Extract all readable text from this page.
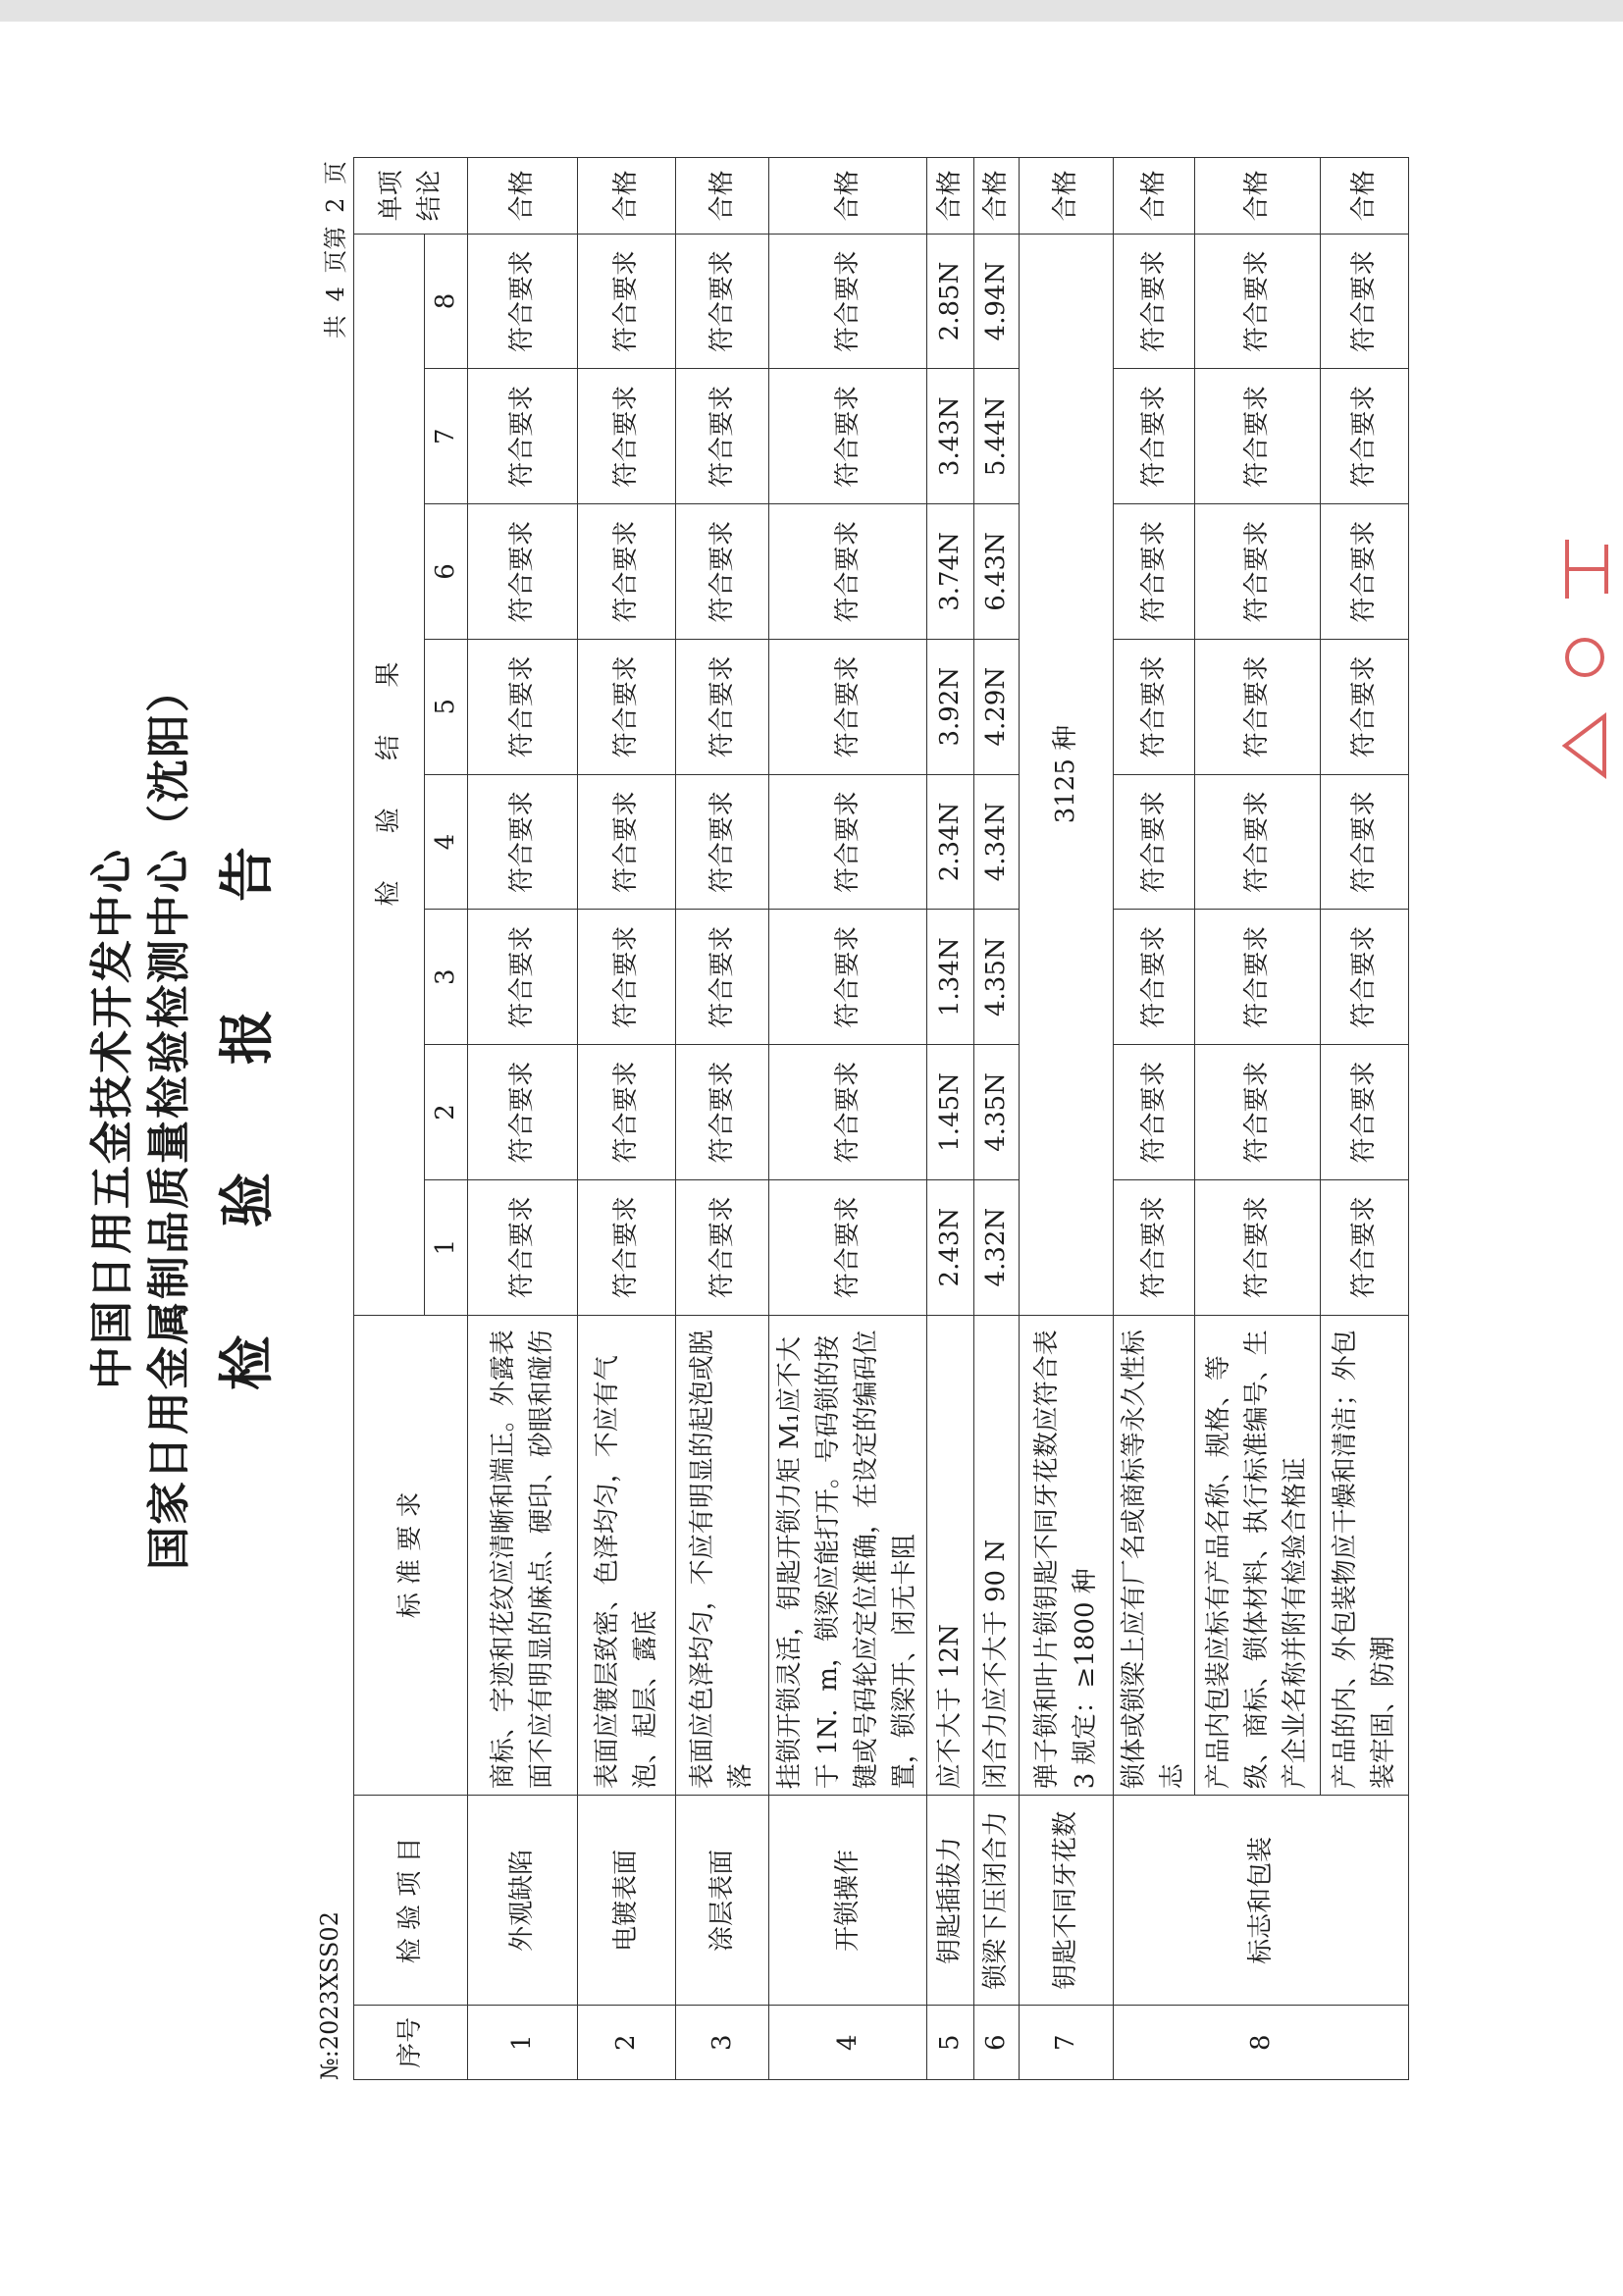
中国日用五金技术开发中心 国家日用金属制品质量检验检测中心（沈阳） 检验报告
№:2023XSS02
共 4 页第 2 页
序号	检 验 项 目	标 准 要 求	检 验 结 果								单项结论
			1	2	3	4	5	6	7	8	
1	外观缺陷	商标、字迹和花纹应清晰和端正。外露表面不应有明显的麻点、硬印、砂眼和碰伤	符合要求	符合要求	符合要求	符合要求	符合要求	符合要求	符合要求	符合要求	合格
2	电镀表面	表面应镀层致密、色泽均匀，不应有气泡、起层、露底	符合要求	符合要求	符合要求	符合要求	符合要求	符合要求	符合要求	符合要求	合格
3	涂层表面	表面应色泽均匀，不应有明显的起泡或脱落	符合要求	符合要求	符合要求	符合要求	符合要求	符合要求	符合要求	符合要求	合格
4	开锁操作	挂锁开锁灵活，钥匙开锁力矩 M₁应不大于 1N．m，锁梁应能打开。号码锁的按键或号码轮应定位准确，在设定的编码位置，锁梁开、闭无卡阻	符合要求	符合要求	符合要求	符合要求	符合要求	符合要求	符合要求	符合要求	合格
5	钥匙插拔力	应不大于 12N	2.43N	1.45N	1.34N	2.34N	3.92N	3.74N	3.43N	2.85N	合格
6	锁梁下压闭合力	闭合力应不大于 90 N	4.32N	4.35N	4.35N	4.34N	4.29N	6.43N	5.44N	4.94N	合格
7	钥匙不同牙花数	弹子锁和叶片锁钥匙不同牙花数应符合表 3 规定：≥1800 种	3125 种								合格
8	标志和包装	锁体或锁梁上应有厂名或商标等永久性标志	符合要求	符合要求	符合要求	符合要求	符合要求	符合要求	符合要求	符合要求	合格
		产品内包装应标有产品名称、规格、等级、商标、锁体材料、执行标准编号、生产企业名称并附有检验合格证	符合要求	符合要求	符合要求	符合要求	符合要求	符合要求	符合要求	符合要求	合格
		产品的内、外包装物应干燥和清洁；外包装牢固、防潮	符合要求	符合要求	符合要求	符合要求	符合要求	符合要求	符合要求	符合要求	合格
